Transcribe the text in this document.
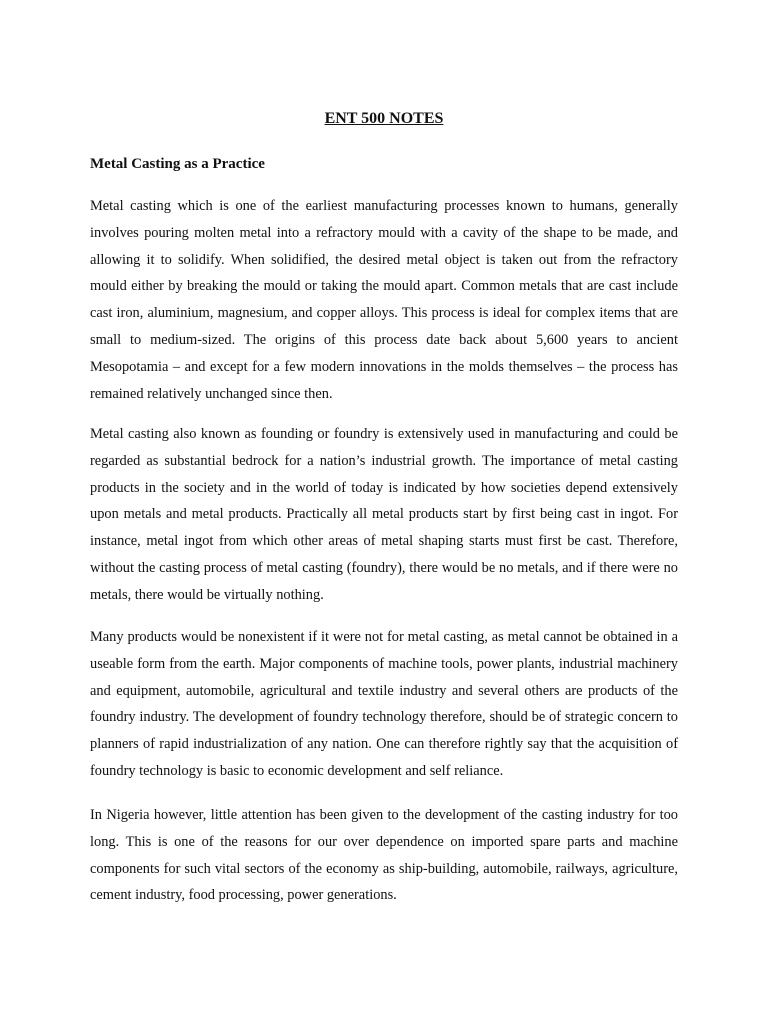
ENT 500 NOTES
Metal Casting as a Practice

Metal casting which is one of the earliest manufacturing processes known to humans, generally involves pouring molten metal into a refractory mould with a cavity of the shape to be made, and allowing it to solidify. When solidified, the desired metal object is taken out from the refractory mould either by breaking the mould or taking the mould apart. Common metals that are cast include cast iron, aluminium, magnesium, and copper alloys. This process is ideal for complex items that are small to medium-sized. The origins of this process date back about 5,600 years to ancient Mesopotamia – and except for a few modern innovations in the molds themselves – the process has remained relatively unchanged since then.

Metal casting also known as founding or foundry is extensively used in manufacturing and could be regarded as substantial bedrock for a nation’s industrial growth. The importance of metal casting products in the society and in the world of today is indicated by how societies depend extensively upon metals and metal products. Practically all metal products start by first being cast in ingot. For instance, metal ingot from which other areas of metal shaping starts must first be cast. Therefore, without the casting process of metal casting (foundry), there would be no metals, and if there were no metals, there would be virtually nothing.

Many products would be nonexistent if it were not for metal casting, as metal cannot be obtained in a useable form from the earth. Major components of machine tools, power plants, industrial machinery and equipment, automobile, agricultural and textile industry and several others are products of the foundry industry. The development of foundry technology therefore, should be of strategic concern to planners of rapid industrialization of any nation. One can therefore rightly say that the acquisition of foundry technology is basic to economic development and self reliance.

In Nigeria however, little attention has been given to the development of the casting industry for too long. This is one of the reasons for our over dependence on imported spare parts and machine components for such vital sectors of the economy as ship-building, automobile, railways, agriculture, cement industry, food processing, power generations.
